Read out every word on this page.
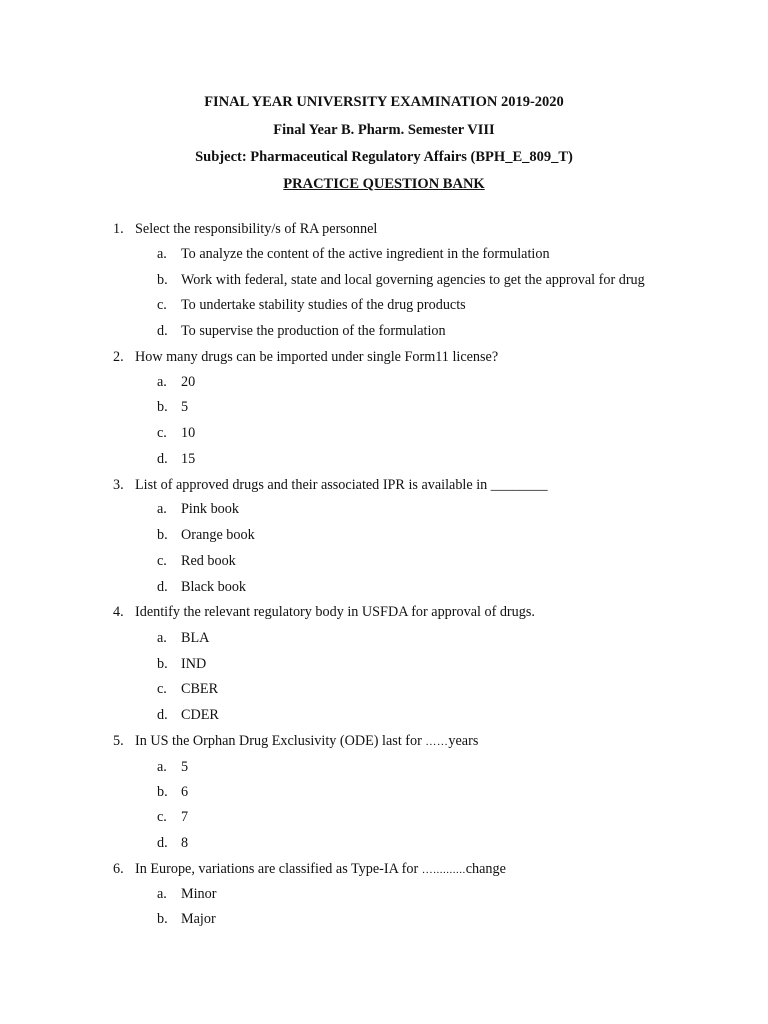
FINAL YEAR UNIVERSITY EXAMINATION 2019-2020
Final Year B. Pharm. Semester VIII
Subject: Pharmaceutical Regulatory Affairs (BPH_E_809_T)
PRACTICE QUESTION BANK
1. Select the responsibility/s of RA personnel
a. To analyze the content of the active ingredient in the formulation
b. Work with federal, state and local governing agencies to get the approval for drug
c. To undertake stability studies of the drug products
d. To supervise the production of the formulation
2. How many drugs can be imported under single Form11 license?
a. 20
b. 5
c. 10
d. 15
3. List of approved drugs and their associated IPR is available in ________
a. Pink book
b. Orange book
c. Red book
d. Black book
4. Identify the relevant regulatory body in USFDA for approval of drugs.
a. BLA
b. IND
c. CBER
d. CDER
5. In US the Orphan Drug Exclusivity (ODE) last for ……years
a. 5
b. 6
c. 7
d. 8
6. In Europe, variations are classified as Type-IA for …..........change
a. Minor
b. Major
